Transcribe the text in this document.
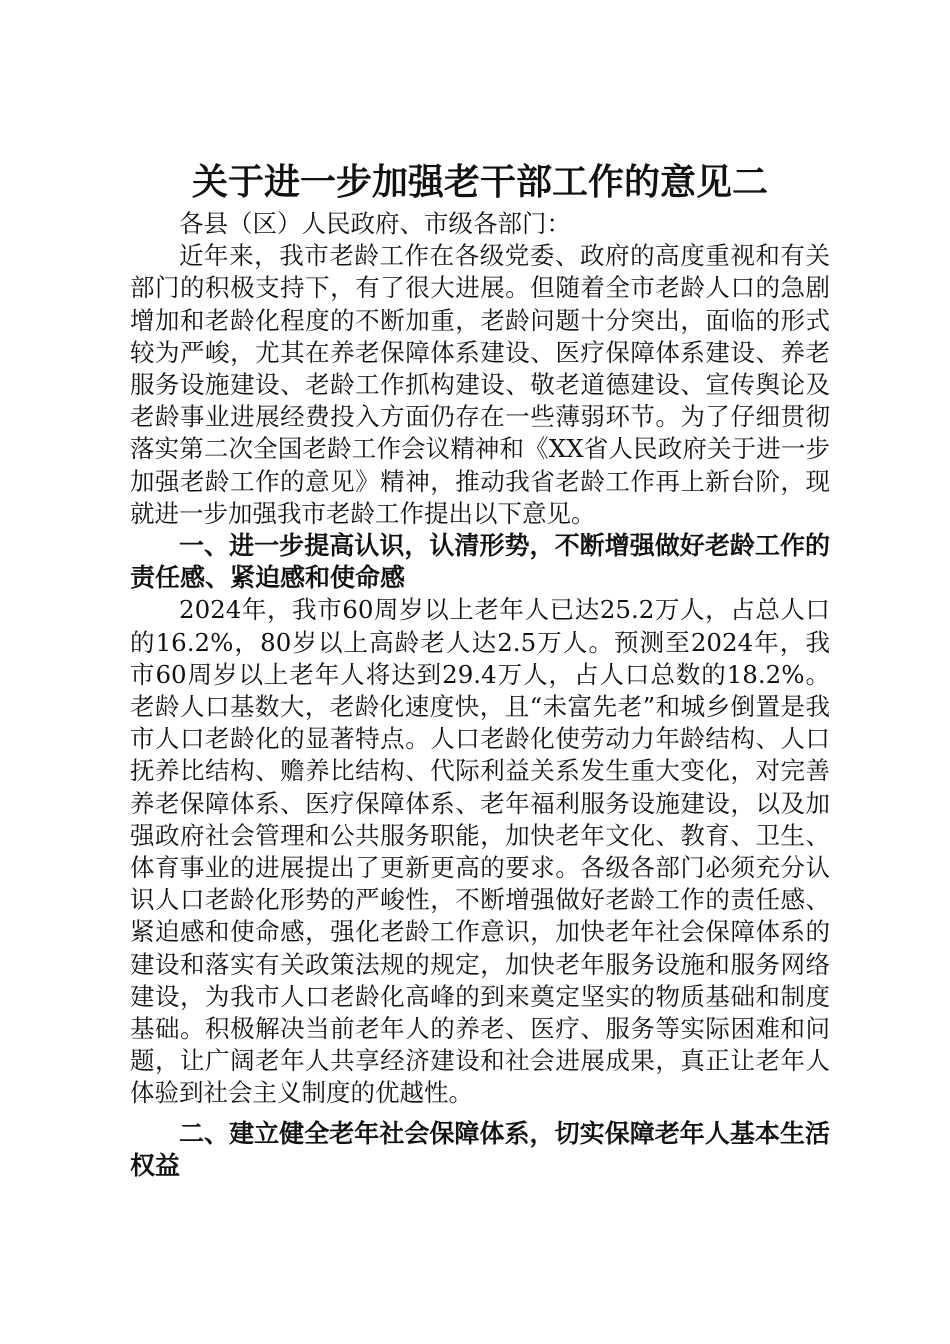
关于进一步加强老干部工作的意见二

各县（区）人民政府、市级各部门：

近年来，我市老龄工作在各级党委、政府的高度重视和有关部门的积极支持下，有了很大进展。但随着全市老龄人口的急剧增加和老龄化程度的不断加重，老龄问题十分突出，面临的形式较为严峻，尤其在养老保障体系建设、医疗保障体系建设、养老服务设施建设、老龄工作抓构建设、敬老道德建设、宣传舆论及老龄事业进展经费投入方面仍存在一些薄弱环节。为了仔细贯彻落实第二次全国老龄工作会议精神和《XX省人民政府关于进一步加强老龄工作的意见》精神，推动我省老龄工作再上新台阶，现就进一步加强我市老龄工作提出以下意见。

一、进一步提高认识，认清形势，不断增强做好老龄工作的责任感、紧迫感和使命感

2024年，我市60周岁以上老年人已达25.2万人，占总人口的16.2%，80岁以上高龄老人达2.5万人。预测至2024年，我市60周岁以上老年人将达到29.4万人，占人口总数的18.2%。老龄人口基数大，老龄化速度快，且“未富先老”和城乡倒置是我市人口老龄化的显著特点。人口老龄化使劳动力年龄结构、人口抚养比结构、赡养比结构、代际利益关系发生重大变化，对完善养老保障体系、医疗保障体系、老年福利服务设施建设，以及加强政府社会管理和公共服务职能，加快老年文化、教育、卫生、体育事业的进展提出了更新更高的要求。各级各部门必须充分认识人口老龄化形势的严峻性，不断增强做好老龄工作的责任感、紧迫感和使命感，强化老龄工作意识，加快老年社会保障体系的建设和落实有关政策法规的规定，加快老年服务设施和服务网络建设，为我市人口老龄化高峰的到来奠定坚实的物质基础和制度基础。积极解决当前老年人的养老、医疗、服务等实际困难和问题，让广阔老年人共享经济建设和社会进展成果，真正让老年人体验到社会主义制度的优越性。

二、建立健全老年社会保障体系，切实保障老年人基本生活权益
